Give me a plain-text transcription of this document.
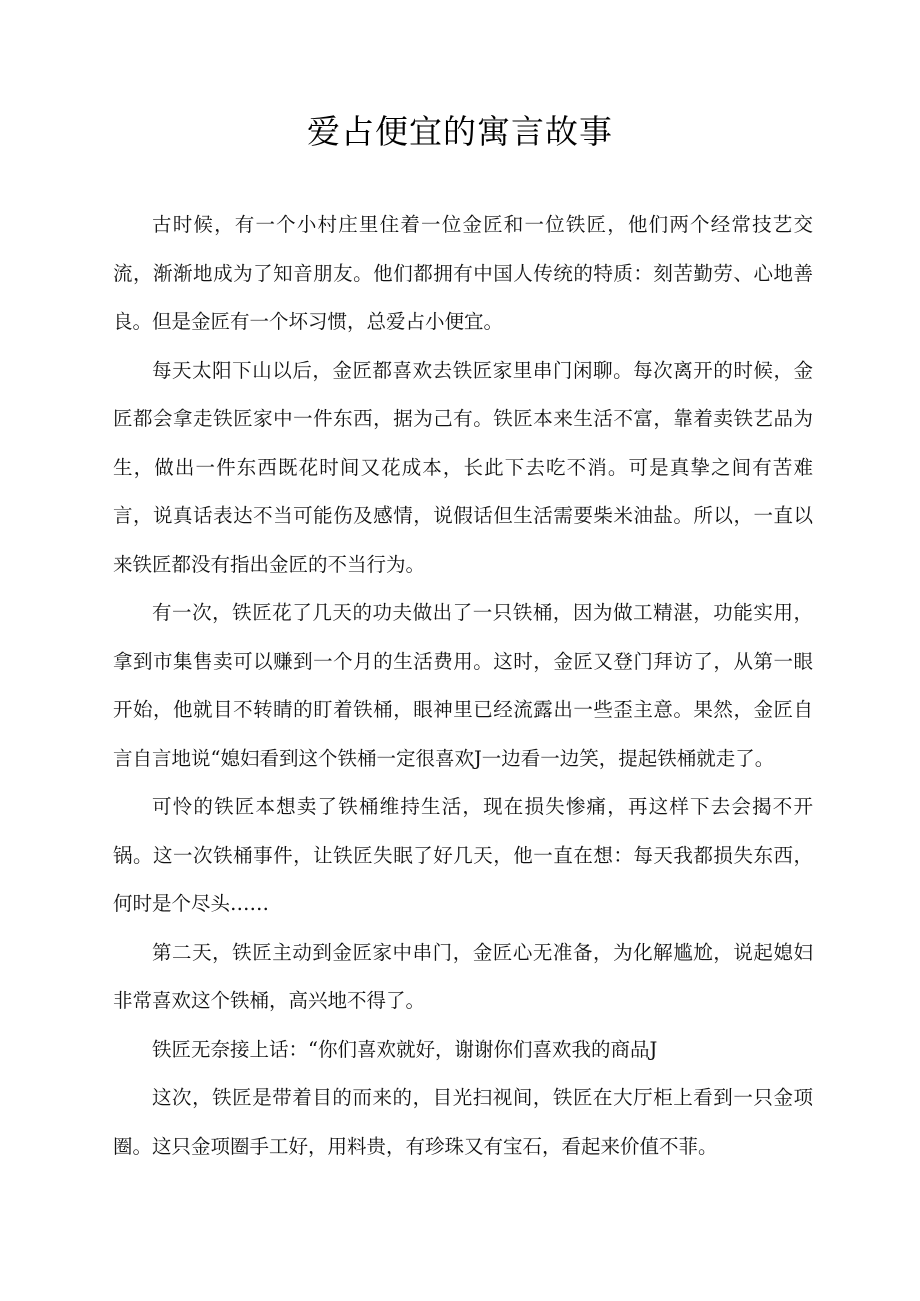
爱占便宜的寓言故事

古时候，有一个小村庄里住着一位金匠和一位铁匠，他们两个经常技艺交流，渐渐地成为了知音朋友。他们都拥有中国人传统的特质：刻苦勤劳、心地善良。但是金匠有一个坏习惯，总爱占小便宜。

每天太阳下山以后，金匠都喜欢去铁匠家里串门闲聊。每次离开的时候，金匠都会拿走铁匠家中一件东西，据为己有。铁匠本来生活不富，靠着卖铁艺品为生，做出一件东西既花时间又花成本，长此下去吃不消。可是真挚之间有苦难言，说真话表达不当可能伤及感情，说假话但生活需要柴米油盐。所以，一直以来铁匠都没有指出金匠的不当行为。

有一次，铁匠花了几天的功夫做出了一只铁桶，因为做工精湛，功能实用，拿到市集售卖可以赚到一个月的生活费用。这时，金匠又登门拜访了，从第一眼开始，他就目不转睛的盯着铁桶，眼神里已经流露出一些歪主意。果然，金匠自言自言地说“媳妇看到这个铁桶一定很喜欢J一边看一边笑，提起铁桶就走了。

可怜的铁匠本想卖了铁桶维持生活，现在损失惨痛，再这样下去会揭不开锅。这一次铁桶事件，让铁匠失眠了好几天，他一直在想：每天我都损失东西，何时是个尽头……

第二天，铁匠主动到金匠家中串门，金匠心无准备，为化解尴尬，说起媳妇非常喜欢这个铁桶，高兴地不得了。

铁匠无奈接上话：“你们喜欢就好，谢谢你们喜欢我的商品J

这次，铁匠是带着目的而来的，目光扫视间，铁匠在大厅柜上看到一只金项圈。这只金项圈手工好，用料贵，有珍珠又有宝石，看起来价值不菲。
